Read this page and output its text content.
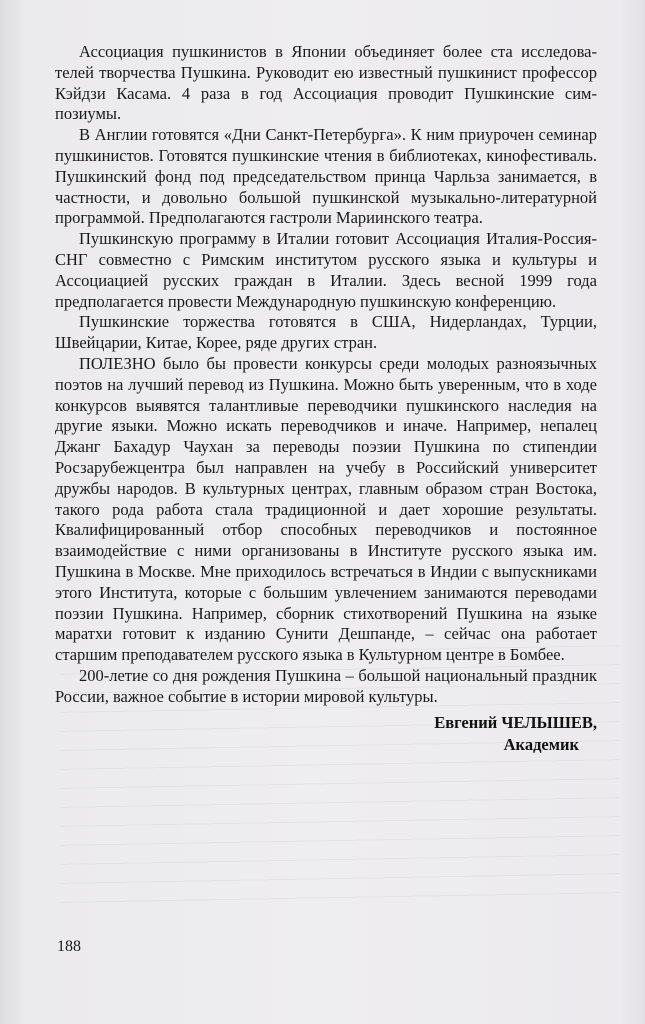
Ассоциация пушкинистов в Японии объединяет более ста исследователей творчества Пушкина. Руководит ею известный пушкинист профессор Кэйдзи Касама. 4 раза в год Ассоциация проводит Пушкинские симпозиумы.

В Англии готовятся «Дни Санкт-Петербурга». К ним приурочен семинар пушкинистов. Готовятся пушкинские чтения в библиотеках, кинофестиваль. Пушкинский фонд под председательством принца Чарльза занимается, в частности, и довольно большой пушкинской музыкально-литературной программой. Предполагаются гастроли Мариинского театра.

Пушкинскую программу в Италии готовит Ассоциация Италия-Россия-СНГ совместно с Римским институтом русского языка и культуры и Ассоциацией русских граждан в Италии. Здесь весной 1999 года предполагается провести Международную пушкинскую конференцию.

Пушкинские торжества готовятся в США, Нидерландах, Турции, Швейцарии, Китае, Корее, ряде других стран.

ПОЛЕЗНО было бы провести конкурсы среди молодых разноязычных поэтов на лучший перевод из Пушкина. Можно быть уверенным, что в ходе конкурсов выявятся талантливые переводчики пушкинского наследия на другие языки. Можно искать переводчиков и иначе. Например, непалец Джанг Бахадур Чаухан за переводы поэзии Пушкина по стипендии Росзарубежцентра был направлен на учебу в Российский университет дружбы народов. В культурных центрах, главным образом стран Востока, такого рода работа стала традиционной и дает хорошие результаты. Квалифицированный отбор способных переводчиков и постоянное взаимодействие с ними организованы в Институте русского языка им. Пушкина в Москве. Мне приходилось встречаться в Индии с выпускниками этого Института, которые с большим увлечением занимаются переводами поэзии Пушкина. Например, сборник стихотворений Пушкина на языке маратхи готовит к изданию Сунити Дешпанде, – сейчас она работает старшим преподавателем русского языка в Культурном центре в Бомбее.

200-летие со дня рождения Пушкина – большой национальный праздник России, важное событие в истории мировой культуры.

Евгений ЧЕЛЫШЕВ,
Академик
188
